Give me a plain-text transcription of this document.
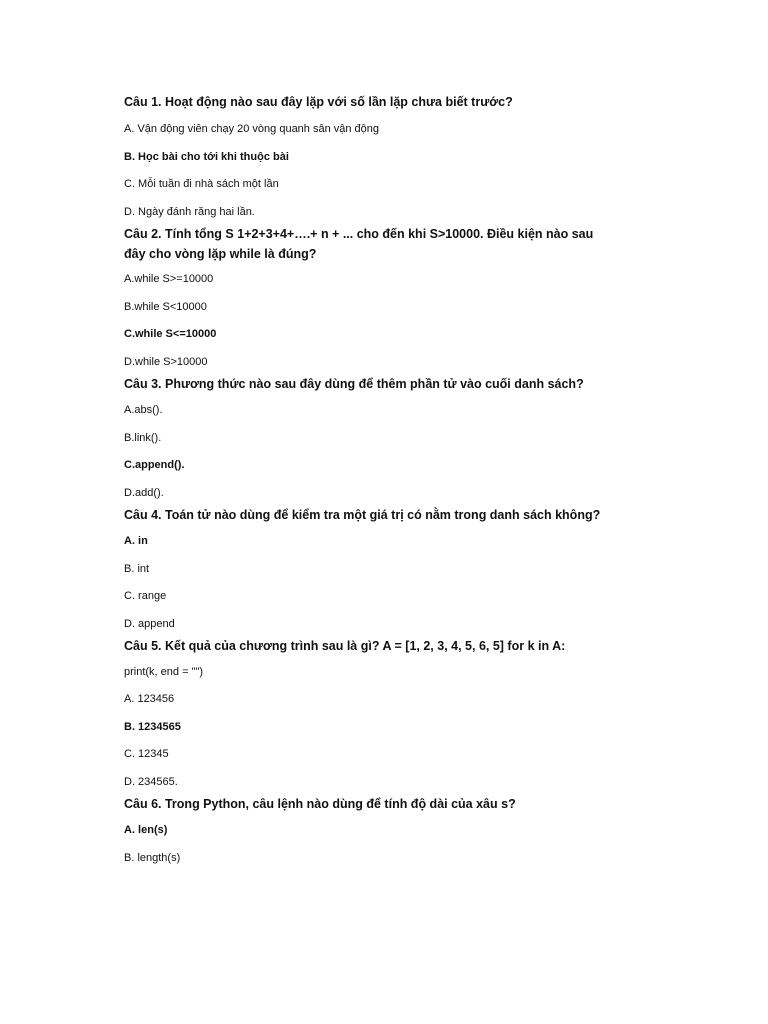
Câu 1. Hoạt động nào sau đây lặp với số lần lặp chưa biết trước?

A. Vận động viên chạy 20 vòng quanh sân vận động

B. Học bài cho tới khi thuộc bài

C. Mỗi tuần đi nhà sách một lần

D. Ngày đánh răng hai lần.

Câu 2. Tính tổng S 1+2+3+4+….+ n + ... cho đến khi S>10000. Điều kiện nào sau đây cho vòng lặp while là đúng?

A.while S>=10000

B.while S<10000

C.while S<=10000

D.while S>10000

Câu 3. Phương thức nào sau đây dùng để thêm phần tử vào cuối danh sách?

A.abs().

B.link().

C.append().

D.add().

Câu 4. Toán tử nào dùng để kiểm tra một giá trị có nằm trong danh sách không?

A. in

B. int

C. range

D. append

Câu 5. Kết quả của chương trình sau là gì? A = [1, 2, 3, 4, 5, 6, 5] for k in A:

print(k, end = "")

A. 123456

B. 1234565

C. 12345

D. 234565.

Câu 6. Trong Python, câu lệnh nào dùng để tính độ dài của xâu s?

A. len(s)

B. length(s)
